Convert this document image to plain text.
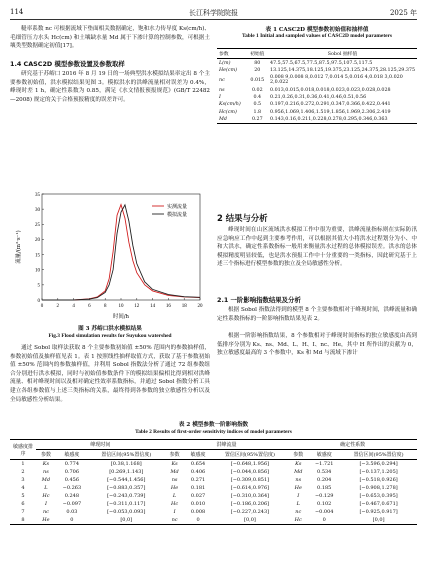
114	长江科学院院报	2025 年
糙率系数 nc 可根据流域下垫面相关数据确定，饱和水力传导度 Ks(cm/h)、毛细管压力水头 Hc(cm) 和土壤缺水量 Md 属于下渗计算的控制参数，可根据土壤类型数据确定初值[17]。
1.4 CASC2D 模型参数设置及参数取样
研究基于苏峪口 2016 年 8 月 19 日的一场典型洪水模拟结果率定出 8 个主要参数初始值，洪水模拟结果见图 3。模拟洪水的洪峰流量相对误差为 0.4%，峰现时差 1 h，确定性系数为 0.85，满足《水文情报预报规范》(GB/T 22482—2008) 规定的关于合格预报精度的误差许可。
0	2	4	6	8 10 12 14 16 18 20
0
5
10
15
20
25
30
35
时间/h
流量/(m³·s⁻¹)
实测流量
模拟流量
图 3 苏峪口洪水模拟结果
Fig.3 Flood simulation results for Suyukou watershed
通过 Sobol 取样法获取 8 个主要参数初始值 ±50% 范围内的参数抽样值，参数初始值及抽样值见表 1。表 1 按照线性抽样取值方式，获取了基于参数初始值 ±50% 范围内的参数抽样值，并利用 Sobol 指数法分析了通过 72 组参数组合分别进行洪水模拟，同时与初始值参数条件下的模拟结果偏相比得到相对洪峰流量、相对峰现时间以及相对确定性效率系数指标，并通过 Sobol 指数分析工具建立各组参数值与上述三类指标的关系，最终得到各参数的独立敏感性分析以及全局敏感性分析结果。
表 1 CASC2D 模型参数初始值和抽样值
Table 1 Initial and sampled values of CASC2D model parameters
参数	初始值	Sobol 抽样值
L(m)	80	47.5,57.5,67.5,77.5,87.5,97.5,107.5,117.5
He(cm)	20	13.125,14.375,18.125,19.375,23.125,24.375,28.125,29.375
nc	0.015	0.008 9,0.008 8,0.012 7,0.014 5,0.016 4,0.018 3,0.020 2,0.022
ns	0.02	0.013,0.015,0.018,0.018,0.023,0.023,0.028,0.028
I	0.4	0.21,0.26,0.31,0.36,0.41,0.46,0.51,0.56
Ks(cm/h)	0.5	0.197,0.216,0.272,0.291,0.347,0.366,0.422,0.441
Hc(cm)	1.8	0.956,1.069,1.406,1.519,1.856,1.969,2.306,2.419
Md	0.27	0.143,0.16,0.211,0.228,0.278,0.295,0.346,0.363
2 结果与分析
峰现时间在山区流域洪水模拟工作中很为重要，洪峰流量指标则在实际防汛应急响应工作中起到主要参考作用，可以根据其值大小将洪水过程划分为小、中和大洪水，确定性系数指标一般用来衡量洪水过程的总体模拟误差。洪水的总体模拟精度明显较低，也是洪水预报工作中十分重要的一类指标，因此研究基于上述三个指标进行模型参数的独立及全局敏感性分析。
2.1 一阶影响指数结果及分析
根据 Sobol 指数法得到的模型 8 个主要参数相对于峰现时间，洪峰流量和确定性系数指标的一阶影响指数结果见表 2。
根据一阶影响指数结果，8 个参数相对于峰现时间指标的独立敏感度由高到低排序分别为 Ks、ns、Md、L、H、I、nc、He，其中 H 所作出的贡献为 0，独立敏感度最高的 3 个参数中，Ks 和 Md 与流域下渗计
表 2 模型参数一阶影响指数
Table 2 Results of first-order sensitivity indices of model parameters
敏感度排序	峰现时间			洪峰流量			确定性系数		
	参数	敏感度	置信区间(95%置信度)	参数	敏感度	置信区间(95%置信度)	参数	敏感度	置信区间(95%置信度)
1	Ks	0.774	[0.38,1.168]	Ks	0.654	[−0.648,1.956]	Ks	−1.721	[−3.596,0.294]
2	ns	0.706	[0.269,1.143]	Md	0.406	[−0.044,0.856]	Md	0.534	[−0.137,1.205]
3	Md	0.456	[−0.544,1.456]	ns	0.271	[−0.309,0.851]	ns	0.204	[−0.518,0.926]
4	L	−0.263	[−0.883,0.357]	He	0.181	[−0.614,0.976]	He	0.185	[−0.908,1.278]
5	Hc	0.248	[−0.243,0.739]	L	0.027	[−0.310,0.364]	I	−0.129	[−0.653,0.395]
6	I	−0.097	[−0.311,0.117]	Hc	0.010	[−0.186,0.206]	L	0.102	[−0.467,0.671]
7	nc	0.03	[−0.053,0.093]	I	0.008	[−0.227,0.243]	nc	−0.004	[−0.925,0.917]
8	He	0	[0,0]	nc	0	[0,0]	Hc	0	[0,0]
